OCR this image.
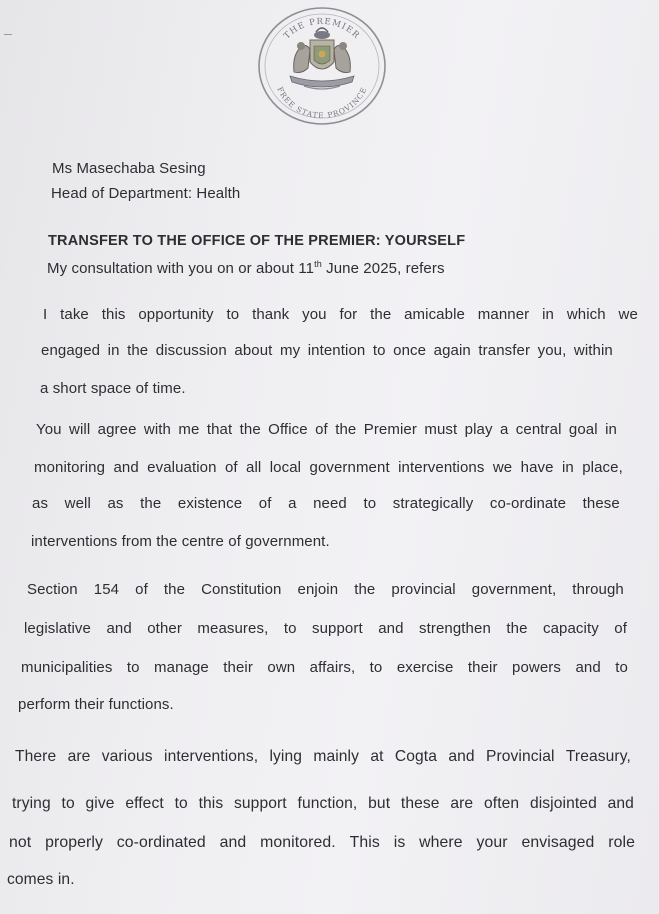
THE PREMIER
FREE STATE PROVINCE
Ms Masechaba Sesing
Head of Department: Health
TRANSFER TO THE OFFICE OF THE PREMIER: YOURSELF
My consultation with you on or about 11th June 2025, refers
I take this opportunity to thank you for the amicable manner in which we
engaged in the discussion about my intention to once again transfer you, within
a short space of time.
You will agree with me that the Office of the Premier must play a central goal in
monitoring and evaluation of all local government interventions we have in place,
as well as the existence of a need to strategically co-ordinate these
interventions from the centre of government.
Section 154 of the Constitution enjoin the provincial government, through
legislative and other measures, to support and strengthen the capacity of
municipalities to manage their own affairs, to exercise their powers and to
perform their functions.
There are various interventions, lying mainly at Cogta and Provincial Treasury,
trying to give effect to this support function, but these are often disjointed and
not properly co-ordinated and monitored. This is where your envisaged role
comes in.
